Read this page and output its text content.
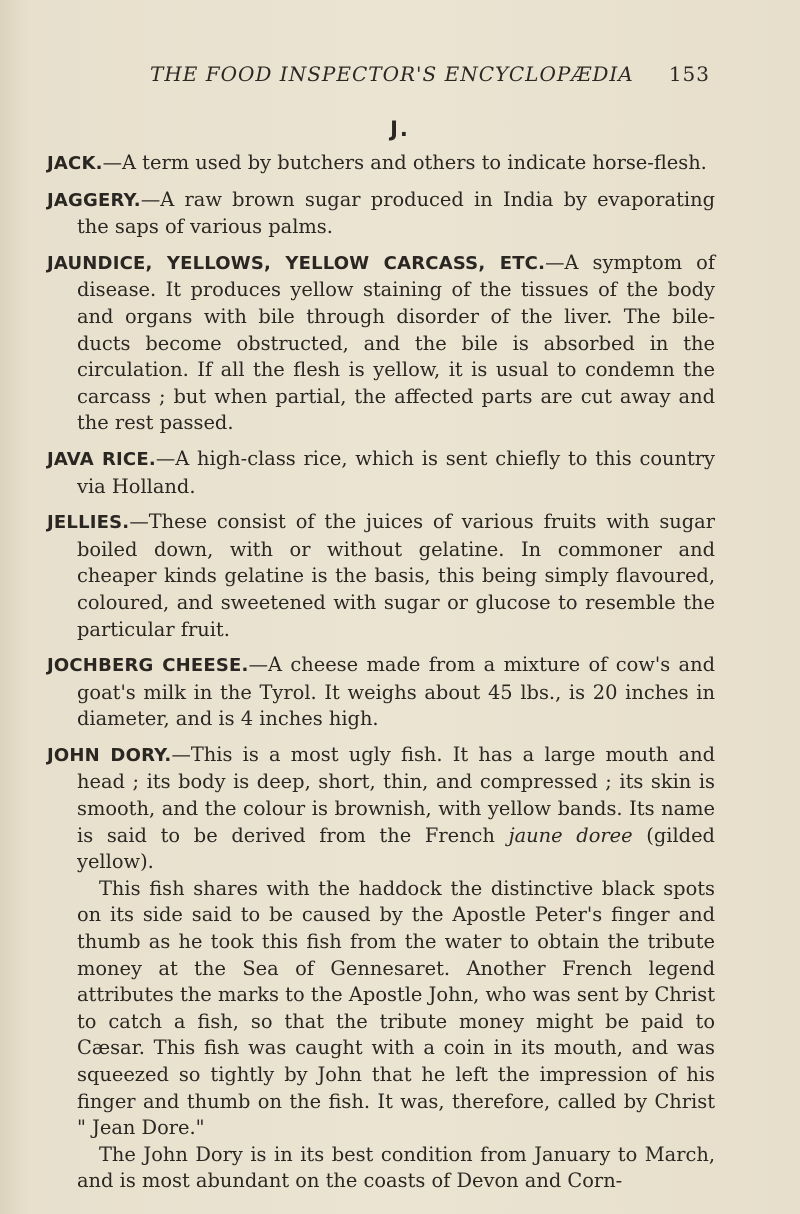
THE FOOD INSPECTOR'S ENCYCLOPÆDIA 153
J.

JACK.—A term used by butchers and others to indicate horse-flesh.

JAGGERY.—A raw brown sugar produced in India by evaporating the saps of various palms.

JAUNDICE, YELLOWS, YELLOW CARCASS, ETC.—A symptom of disease. It produces yellow staining of the tissues of the body and organs with bile through disorder of the liver. The bile-ducts become obstructed, and the bile is absorbed in the circulation. If all the flesh is yellow, it is usual to condemn the carcass ; but when partial, the affected parts are cut away and the rest passed.

JAVA RICE.—A high-class rice, which is sent chiefly to this country via Holland.

JELLIES.—These consist of the juices of various fruits with sugar boiled down, with or without gelatine. In commoner and cheaper kinds gelatine is the basis, this being simply flavoured, coloured, and sweetened with sugar or glucose to resemble the particular fruit.

JOCHBERG CHEESE.—A cheese made from a mixture of cow's and goat's milk in the Tyrol. It weighs about 45 lbs., is 20 inches in diameter, and is 4 inches high.

JOHN DORY.—This is a most ugly fish. It has a large mouth and head ; its body is deep, short, thin, and compressed ; its skin is smooth, and the colour is brownish, with yellow bands. Its name is said to be derived from the French jaune doree (gilded yellow).

This fish shares with the haddock the distinctive black spots on its side said to be caused by the Apostle Peter's finger and thumb as he took this fish from the water to obtain the tribute money at the Sea of Gennesaret. Another French legend attributes the marks to the Apostle John, who was sent by Christ to catch a fish, so that the tribute money might be paid to Cæsar. This fish was caught with a coin in its mouth, and was squeezed so tightly by John that he left the impression of his finger and thumb on the fish. It was, therefore, called by Christ " Jean Dore."

The John Dory is in its best condition from January to March, and is most abundant on the coasts of Devon and Corn-
